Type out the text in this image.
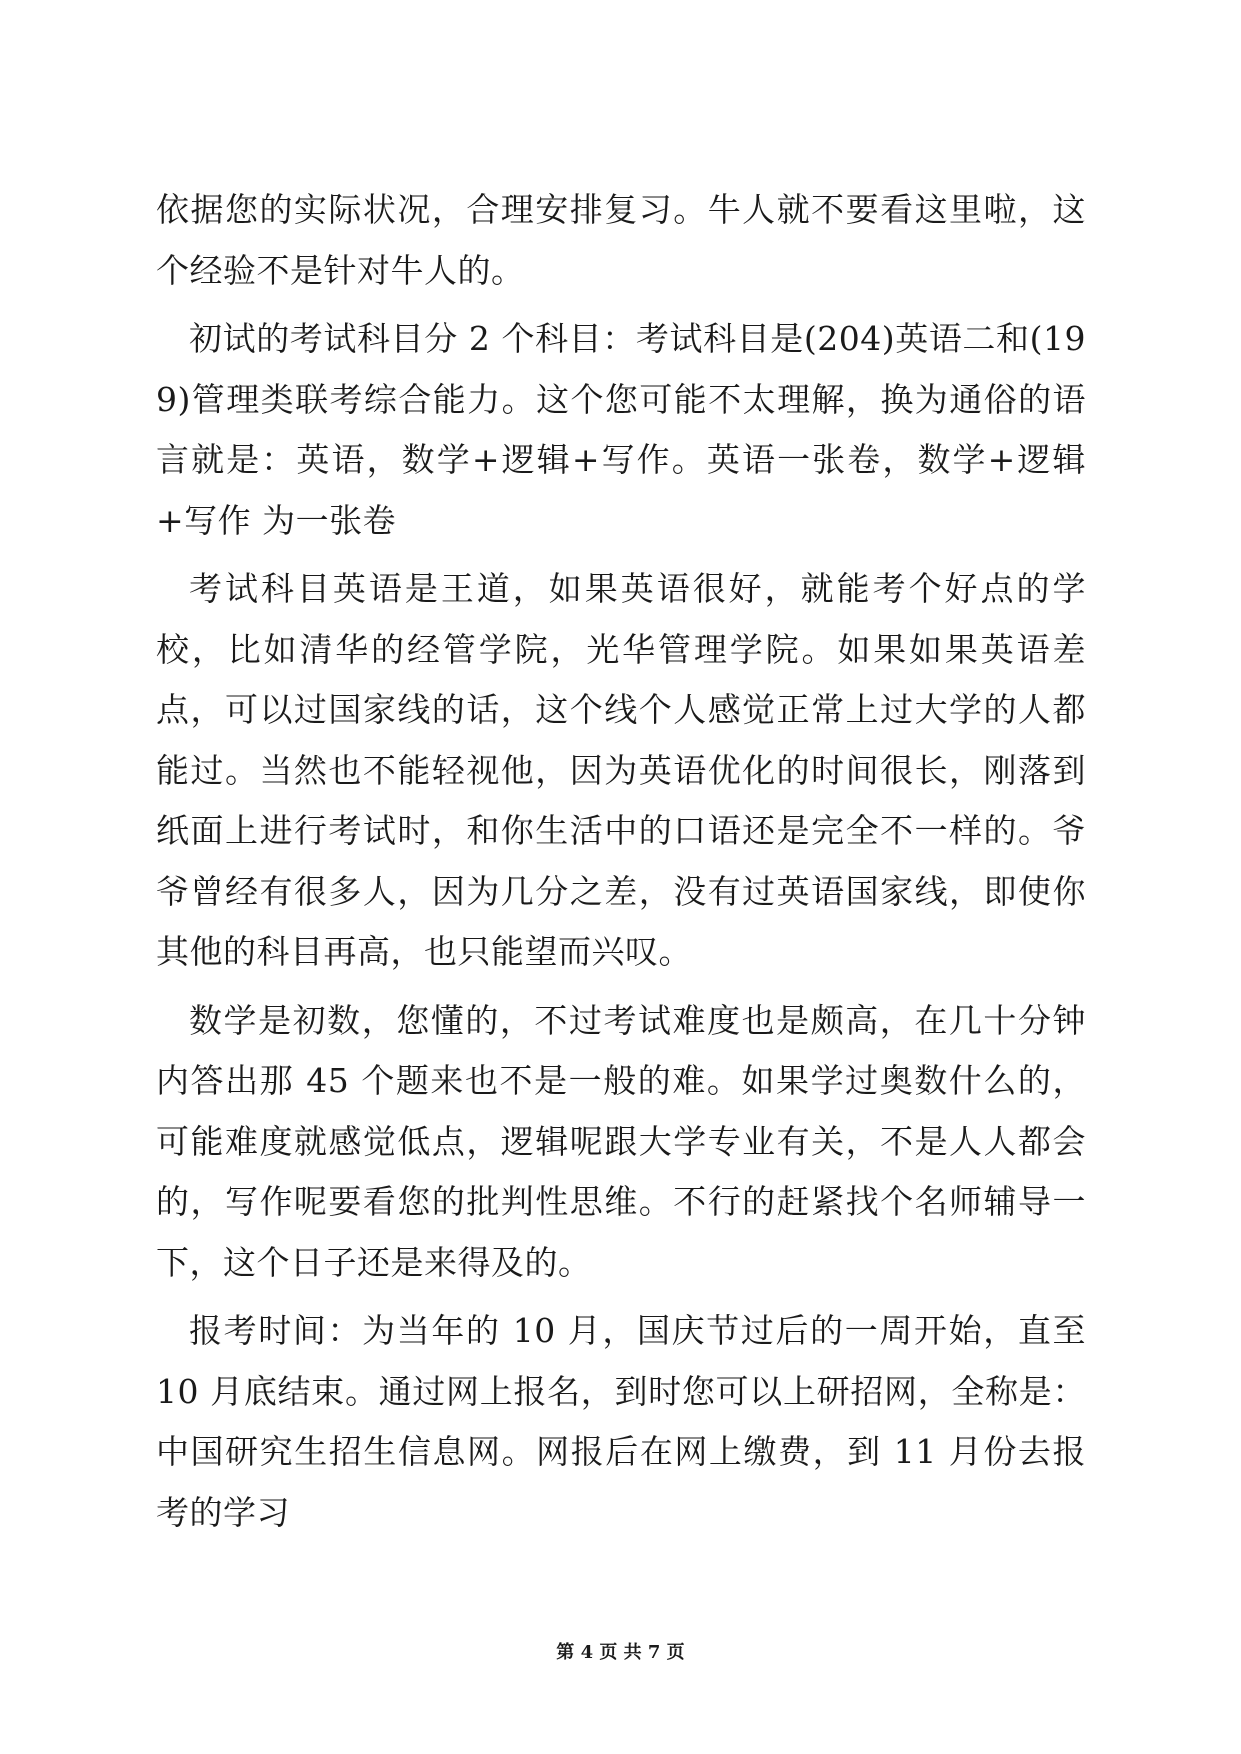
依据您的实际状况，合理安排复习。牛人就不要看这里啦，这个经验不是针对牛人的。

初试的考试科目分 2 个科目：考试科目是(204)英语二和(199)管理类联考综合能力。这个您可能不太理解，换为通俗的语言就是：英语，数学+逻辑+写作。英语一张卷，数学+逻辑+写作 为一张卷

考试科目英语是王道，如果英语很好，就能考个好点的学校，比如清华的经管学院，光华管理学院。如果如果英语差点，可以过国家线的话，这个线个人感觉正常上过大学的人都能过。当然也不能轻视他，因为英语优化的时间很长，刚落到纸面上进行考试时，和你生活中的口语还是完全不一样的。爷爷曾经有很多人，因为几分之差，没有过英语国家线，即使你其他的科目再高，也只能望而兴叹。

数学是初数，您懂的，不过考试难度也是颇高，在几十分钟内答出那 45 个题来也不是一般的难。如果学过奥数什么的，可能难度就感觉低点，逻辑呢跟大学专业有关，不是人人都会的，写作呢要看您的批判性思维。不行的赶紧找个名师辅导一下，这个日子还是来得及的。

报考时间：为当年的 10 月，国庆节过后的一周开始，直至 10 月底结束。通过网上报名，到时您可以上研招网，全称是：中国研究生招生信息网。网报后在网上缴费，到 11 月份去报考的学习

第 4 页 共 7 页
